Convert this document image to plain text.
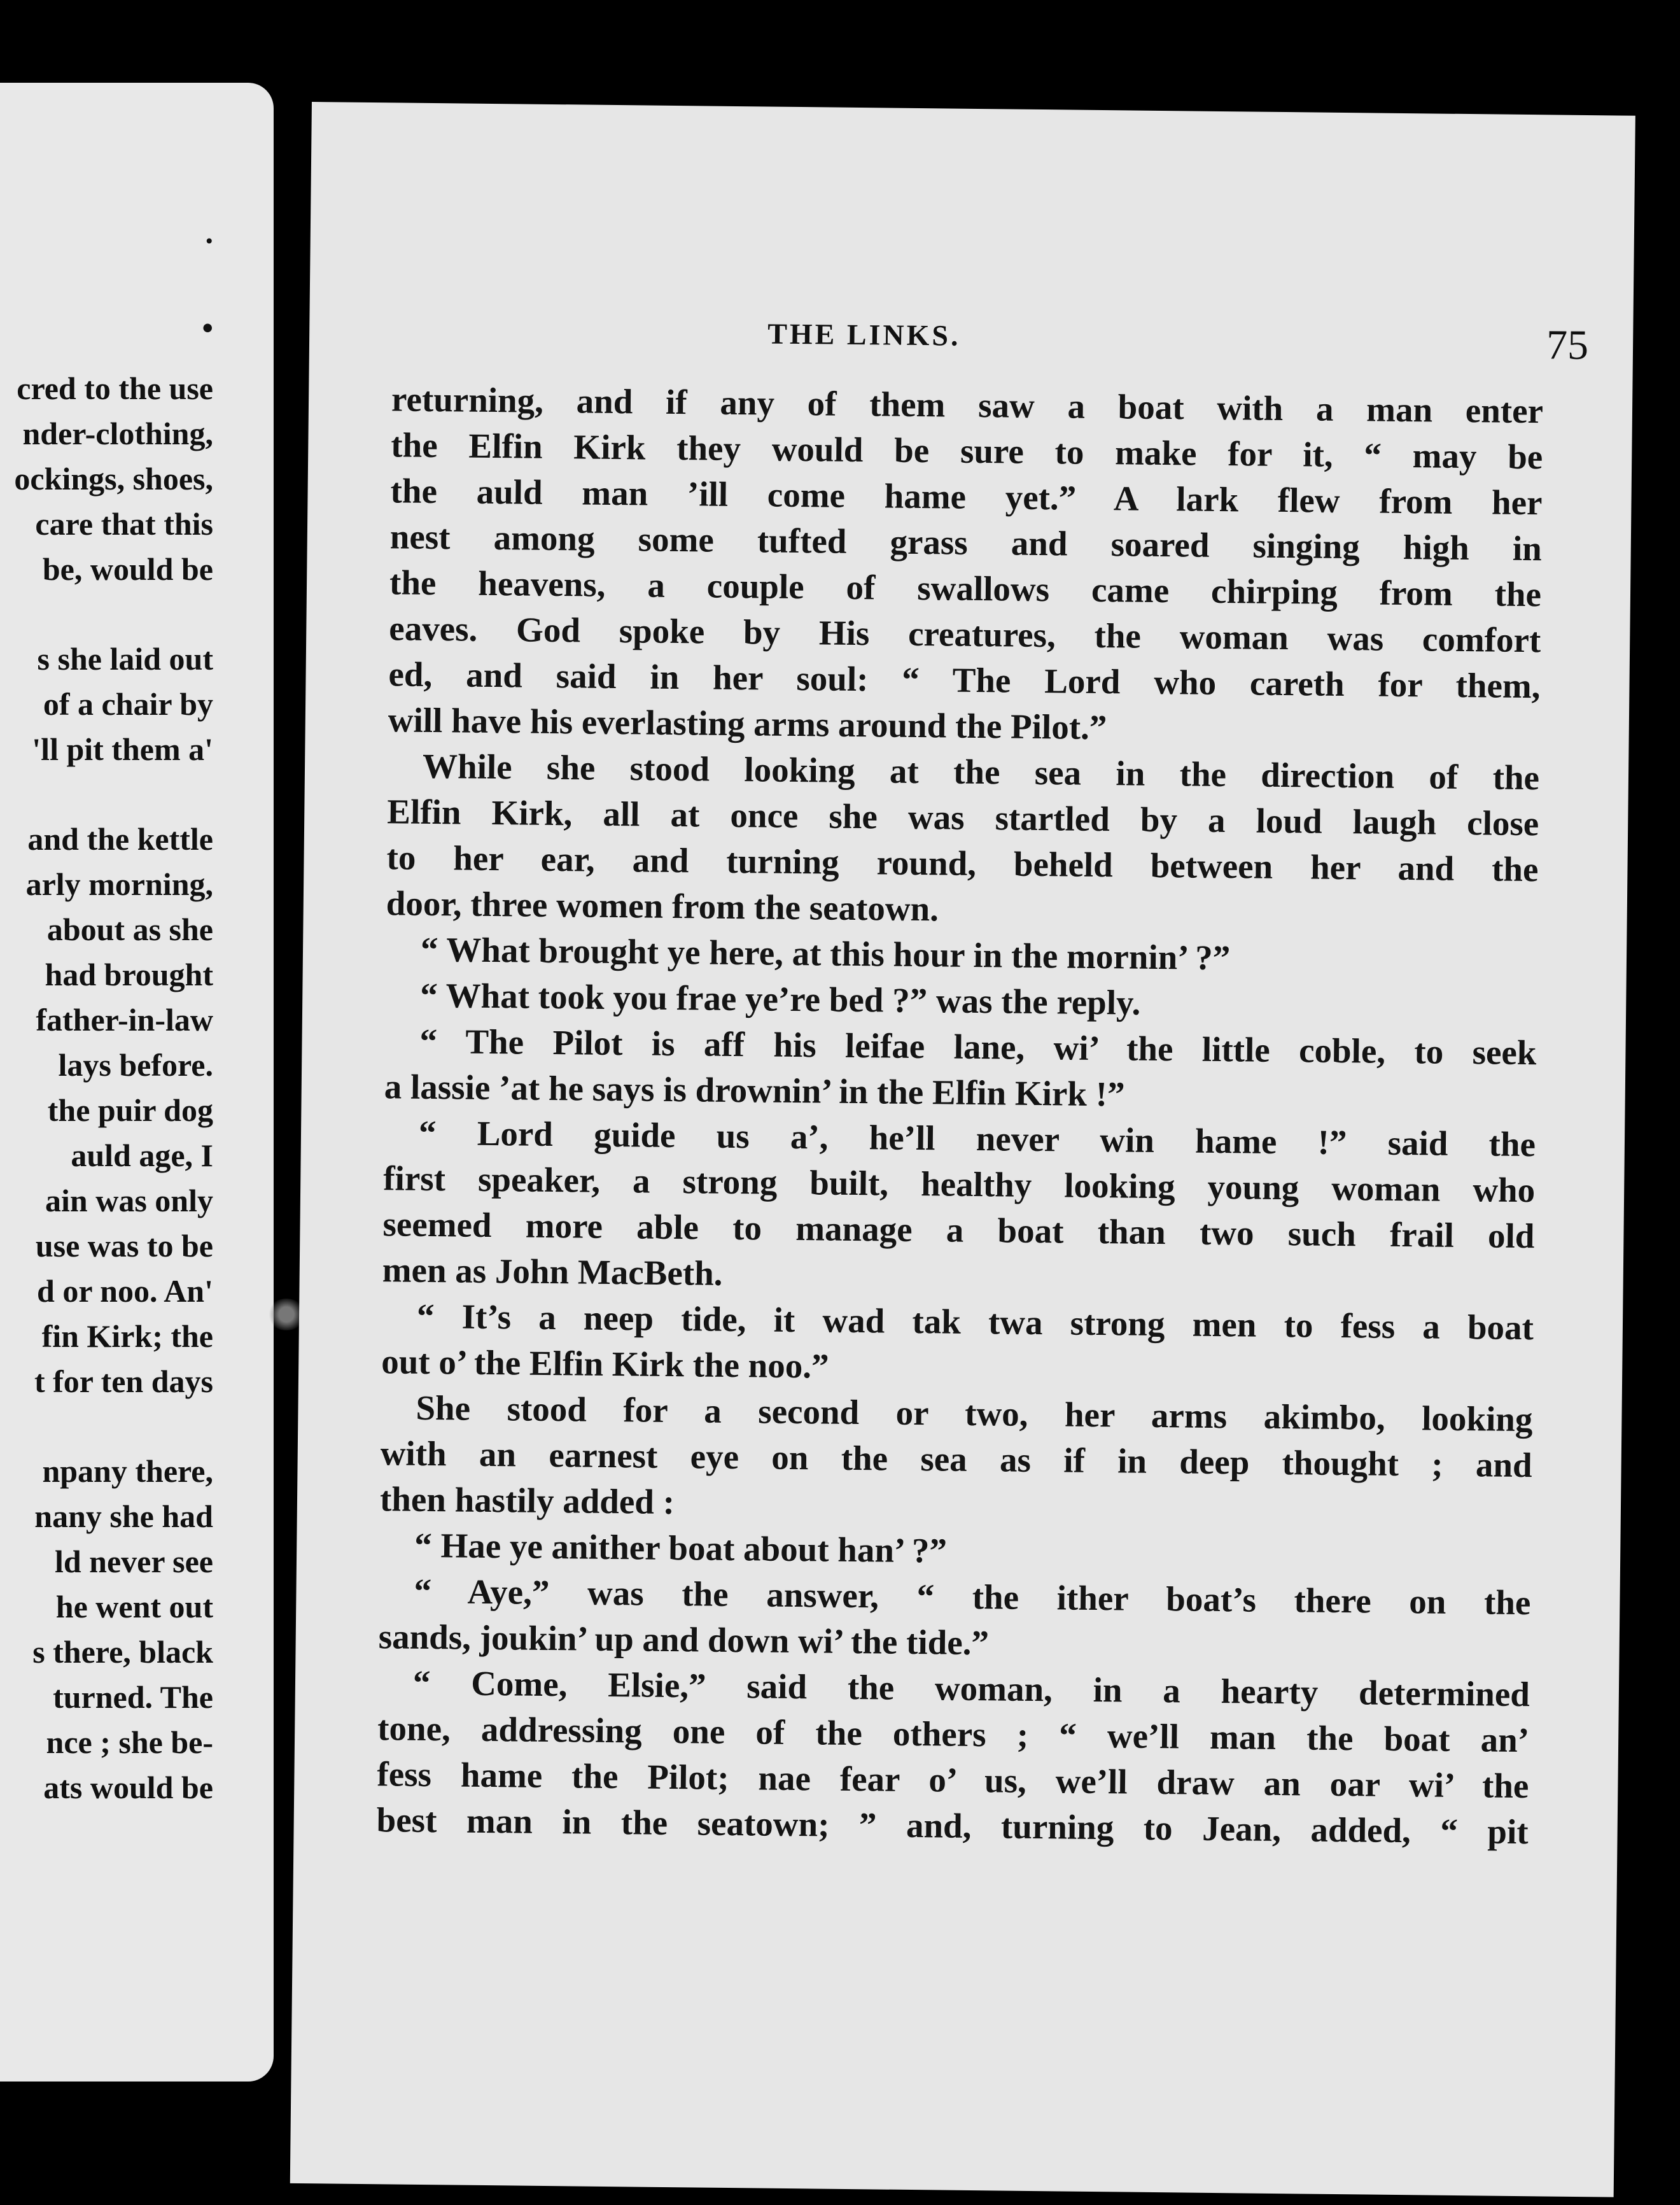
.
•
cred to the use
nder-clothing,
ockings, shoes,
care that this
be, would be
s she laid out
of a chair by
'll pit them a'
and the kettle
arly morning,
about as she
had brought
father-in-law
lays before.
the puir dog
auld age, I
ain was only
use was to be
d or noo. An'
fin Kirk; the
t for ten days
npany there,
nany she had
ld never see
he went out
s there, black
turned. The
nce ; she be-
ats would be
THE LINKS.	75
returning, and if any of them saw a boat with a man enter
the Elfin Kirk they would be sure to make for it, “ may be
the auld man ’ill come hame yet.” A lark flew from her
nest among some tufted grass and soared singing high in
the heavens, a couple of swallows came chirping from the
eaves. God spoke by His creatures, the woman was comfort
ed, and said in her soul: “ The Lord who careth for them,
will have his everlasting arms around the Pilot.”
While she stood looking at the sea in the direction of the
Elfin Kirk, all at once she was startled by a loud laugh close
to her ear, and turning round, beheld between her and the
door, three women from the seatown.
“ What brought ye here, at this hour in the mornin’ ?”
“ What took you frae ye’re bed ?” was the reply.
“ The Pilot is aff his leifae lane, wi’ the little coble, to seek
a lassie ’at he says is drownin’ in the Elfin Kirk !”
“ Lord guide us a’, he’ll never win hame !” said the
first speaker, a strong built, healthy looking young woman who
seemed more able to manage a boat than two such frail old
men as John MacBeth.
“ It’s a neep tide, it wad tak twa strong men to fess a boat
out o’ the Elfin Kirk the noo.”
She stood for a second or two, her arms akimbo, looking
with an earnest eye on the sea as if in deep thought ; and
then hastily added :
“ Hae ye anither boat about han’ ?”
“ Aye,” was the answer, “ the ither boat’s there on the
sands, joukin’ up and down wi’ the tide.”
“ Come, Elsie,” said the woman, in a hearty determined
tone, addressing one of the others ; “ we’ll man the boat an’
fess hame the Pilot; nae fear o’ us, we’ll draw an oar wi’ the
best man in the seatown; ” and, turning to Jean, added, “ pit
